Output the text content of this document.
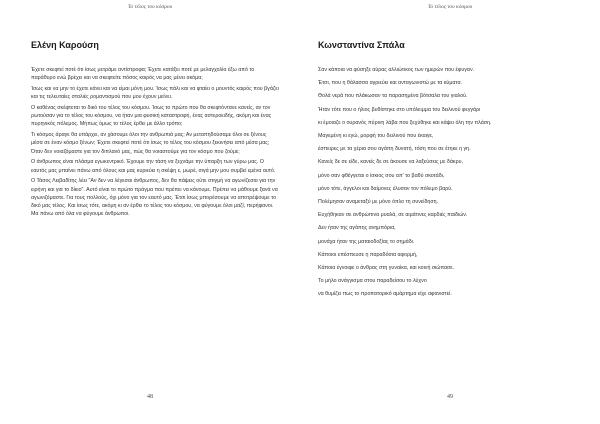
Το τέλος του κόσμου
Ελένη Καρούση

Έχετε σκεφτεί ποτέ ότι ίσως μετράμε αντίστροφα; Έχετε κατάξει ποτέ με μελαγχολία έξω από το παράθυρο ενώ βρέχει και να σκεφτείτε πόσος καιρός να μας μένει ακόμα;

Ίσως και να μην το έχετε κάνει και να είμαι μόνη μου. Ίσως πάλι και να φταίει ο μουντός καιρός που βγάζει και τις τελευταίες σταλιές ρομαντισμού που μου έχουν μείνει.

Ο καθένας σκέφτεται το δικό του τέλος του κόσμου. Ίσως το πρώτο που θα σκεφτόντανε κανείς, αν τον ρωτούσαν για το τέλος του κόσμου, να ήταν μια φυσική καταστροφή, ένας αστεροειδής, ακόμη και ένας πυρηνικός πόλεμος. Μήπως όμως το τέλος έρθει με άλλο τρόπο;

Τι κόσμος άραγε θα υπάρχει, αν χάσουμε όλοι την ανθρωπιά μας; Αν μεταπηδούσαμε όλοι σε ξένους μέσα σε έναν κόσμο ξένων; Έχετε σκεφτεί ποτέ ότι ίσως το τέλος του κόσμου ξεκινήσει από μέσα μας; Όταν δεν νοιαζόμαστε για τον διπλανό μας, πώς θα νοιαστούμε για τον κόσμο που ζούμε;

Ο άνθρωπος είναι πλάσμα εγωκεντρικό. Έχουμε την τάση να ξεχνάμε την ύπαρξη των γύρω μας. Ο εαυτός μας μπαίνει πάνω από όλους και μας κυριεύει η σκέψη ε, μωρέ, σιγά μην μου συμβεί εμένα αυτό.

Ο Τάσος Λειβαδίτης λέει "Αν δεν να λέγεσαι άνθρωπος, δεν θα πάψεις ούτε στιγμή να αγωνίζεσαι για την ειρήνη και για το δίκιο". Αυτό είναι το πρώτο πράγμα που πρέπει να κάνουμε. Πρέπει να μάθουμε ξανά να αγωνιζόμαστε. Για τους πολλούς, όχι μόνο για τον εαυτό μας. Έτσι ίσως μπορέσουμε να αποτρέψουμε το δικό μας τέλος. Και ίσως τότε, ακόμη κι αν έρθει το τέλος του κόσμου, να φύγουμε όλοι μαζί, περήφανοι. Μα πάνω από όλα να φύγουμε άνθρωποι.

48
Το τέλος του κόσμου
Κωνσταντίνα Σπάλα

Σαν κάποια να φύσηξε αύρας αλλιώτικος των ημερών που έφυγαν.

Έτσι, που η θάλασσα αγριεύει και ανταγωνιστώ με τα κύματα.

Θολά νερά που πλάκωσαν τα παρασημένα βότσαλα του γιαλού.

Ήταν τότε που ο ήλιος βυθίστηκε στο υπόλειμμα του δειλινού φεγγάρι

κι έμοιαζε ο ουρανός πύρινη λάβα που ξεχύθηκε και κάψει όλη την πλάση.

Μαγεμένη κι εγώ, μορφή του δειλινού που έκαιγε,

έσπειρες με τα χέρια σου αγάπη δυνατή, τόση που σε έτηκε η γη.

Κανείς δε σε είδε, κανείς δε σε άκουσε να λαξεύσεις με δάκρυ,

μόνο σαν φθέγγεται ο ίσκιος σου απ' το βαθύ σκοτάδι,

μόνο τότε, άγγελοι και δαίμονες έλυσαν τον πόλεμο βαρύ.

Πολέμησαν αναμεταξύ με μόνο όπλο τη συνείδηση.

Ευχήθηκαν σε ανθρώπινα μυαλά, σε αιμάτινες καρδιές παιδιών.

Δεν ήταν της αγάπης ανημπόρια,

μονάχα ήταν της ματαιοδοξίας το σημάδι.

Κάποιοι επέσπευσε η παραδόσια αφορμή,

Κάποια έγνοιφε ο άνθρας στη γυναίκα, και κοινή σιώπασε.

Το μήλο ανάγγισμα στου παραδείσου το λύχνο

να θυμίζει πως το προπατορικό αμάρτημα είχε αφανιστεί.

49
